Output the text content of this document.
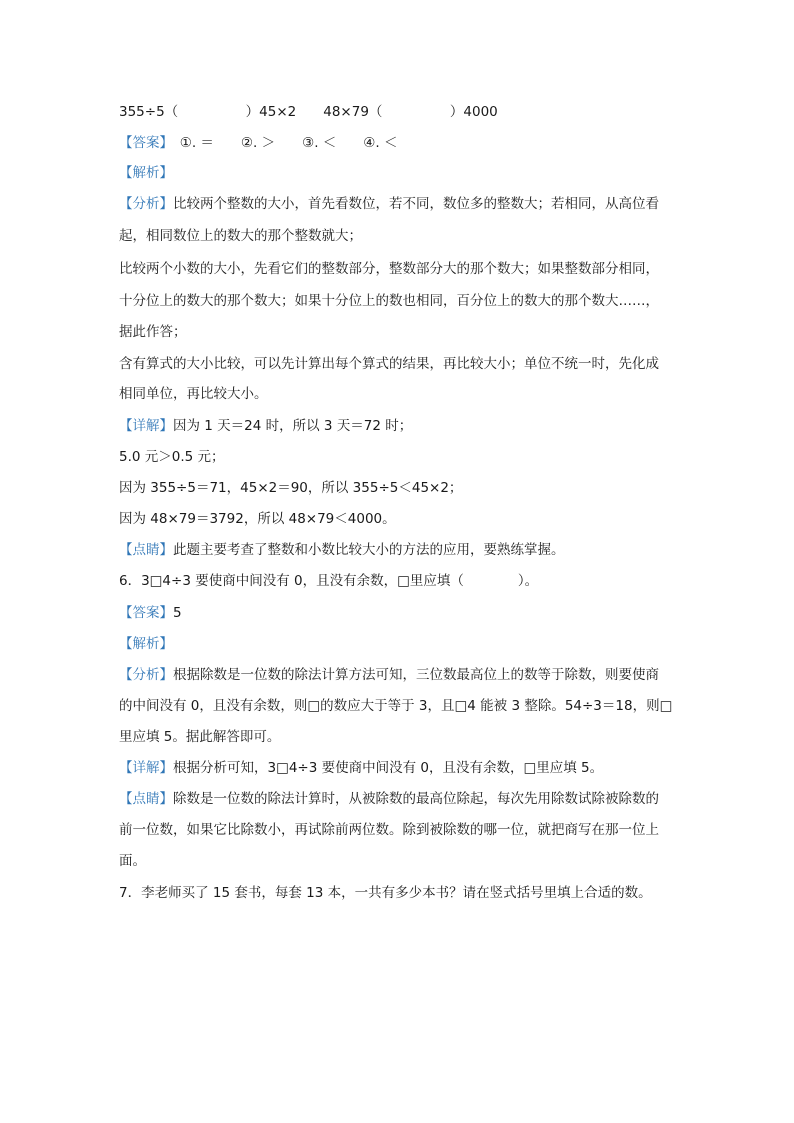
355÷5（　　　　　）45×2　　48×79（　　　　　）4000
【答案】　①. ＝　　②. ＞　　③. ＜　　④. ＜
【解析】
【分析】比较两个整数的大小，首先看数位，若不同，数位多的整数大；若相同，从高位看
起，相同数位上的数大的那个整数就大；
比较两个小数的大小，先看它们的整数部分，整数部分大的那个数大；如果整数部分相同，
十分位上的数大的那个数大；如果十分位上的数也相同，百分位上的数大的那个数大……，
据此作答；
含有算式的大小比较，可以先计算出每个算式的结果，再比较大小；单位不统一时，先化成
相同单位，再比较大小。
【详解】因为 1 天＝24 时，所以 3 天＝72 时；
5.0 元＞0.5 元；
因为 355÷5＝71，45×2＝90，所以 355÷5＜45×2；
因为 48×79＝3792，所以 48×79＜4000。
【点睛】此题主要考查了整数和小数比较大小的方法的应用，要熟练掌握。
6．3□4÷3 要使商中间没有 0，且没有余数，□里应填（　　　　）。
【答案】5
【解析】
【分析】根据除数是一位数的除法计算方法可知，三位数最高位上的数等于除数，则要使商
的中间没有 0，且没有余数，则□的数应大于等于 3，且□4 能被 3 整除。54÷3＝18，则□
里应填 5。据此解答即可。
【详解】根据分析可知，3□4÷3 要使商中间没有 0，且没有余数，□里应填 5。
【点睛】除数是一位数的除法计算时，从被除数的最高位除起，每次先用除数试除被除数的
前一位数，如果它比除数小，再试除前两位数。除到被除数的哪一位，就把商写在那一位上
面。
7．李老师买了 15 套书，每套 13 本，一共有多少本书？请在竖式括号里填上合适的数。
